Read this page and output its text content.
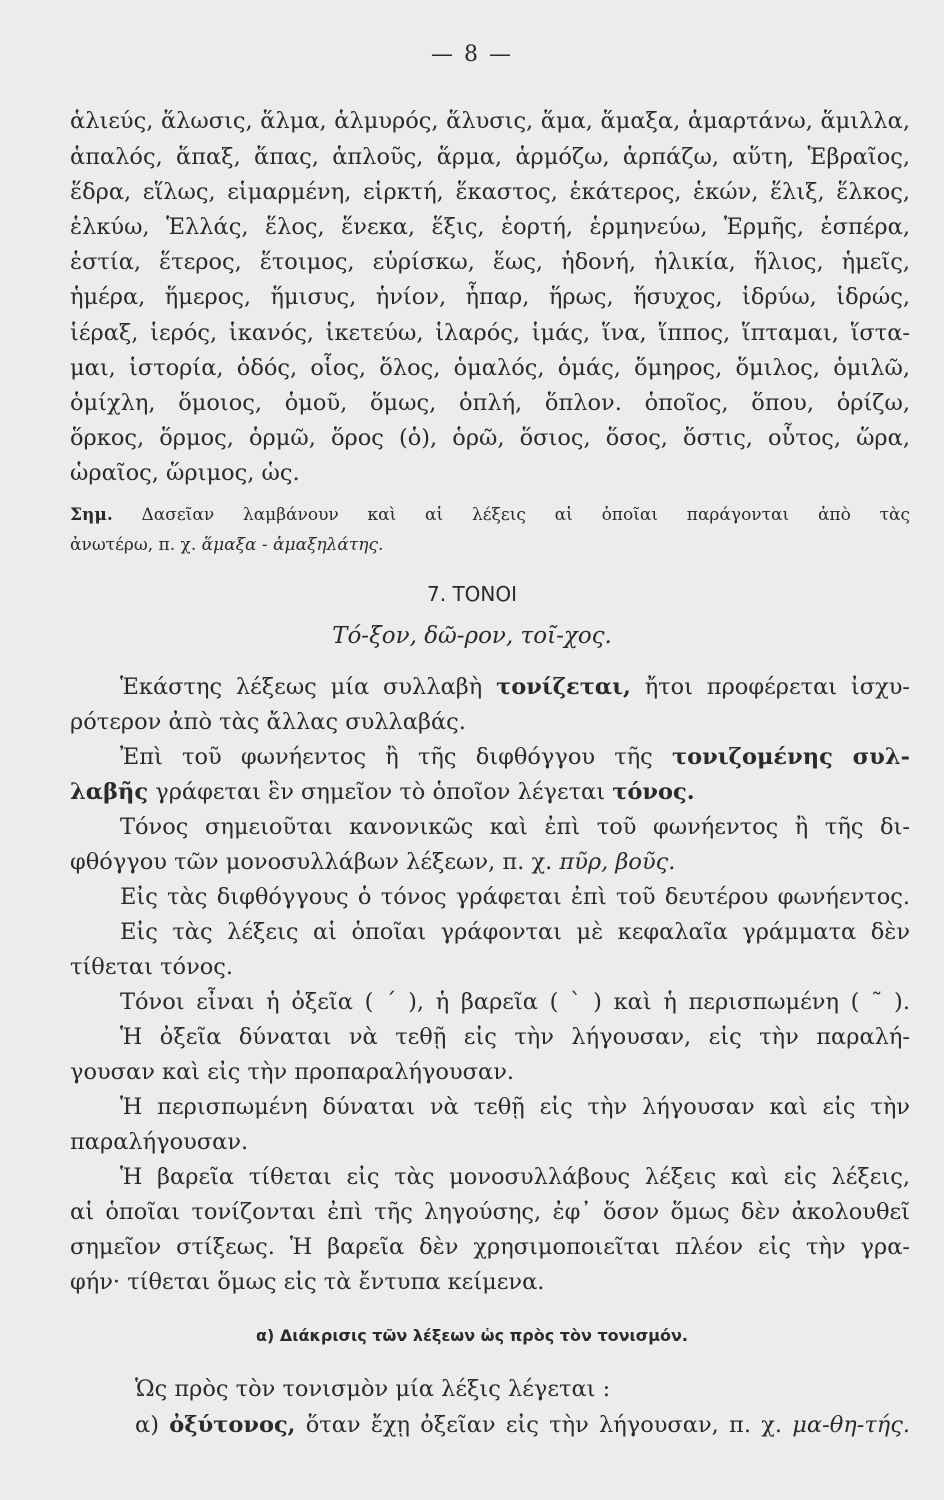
— 8 —
ἁλιεύς, ἅλωσις, ἅλμα, ἁλμυρός, ἅλυσις, ἅμα, ἅμαξα, ἁμαρτάνω, ἅμιλλα,
ἁπαλός, ἅπαξ, ἅπας, ἁπλοῦς, ἅρμα, ἁρμόζω, ἁρπάζω, αὕτη, Ἑβραῖος,
ἕδρα, εἵλως, εἱμαρμένη, εἱρκτή, ἕκαστος, ἑκάτερος, ἑκών, ἕλιξ, ἕλκος,
ἑλκύω, Ἑλλάς, ἕλος, ἕνεκα, ἕξις, ἑορτή, ἑρμηνεύω, Ἑρμῆς, ἑσπέρα,
ἑστία, ἕτερος, ἕτοιμος, εὑρίσκω, ἕως, ἡδονή, ἡλικία, ἥλιος, ἡμεῖς,
ἡμέρα, ἥμερος, ἥμισυς, ἡνίον, ἧπαρ, ἥρως, ἥσυχος, ἱδρύω, ἱδρώς,
ἱέραξ, ἱερός, ἱκανός, ἱκετεύω, ἱλαρός, ἱμάς, ἵνα, ἵππος, ἵπταμαι, ἵστα-
μαι, ἱστορία, ὁδός, οἷος, ὅλος, ὁμαλός, ὁμάς, ὅμηρος, ὅμιλος, ὁμιλῶ,
ὁμίχλη, ὅμοιος, ὁμοῦ, ὅμως, ὁπλή, ὅπλον. ὁποῖος, ὅπου, ὁρίζω,
ὅρκος, ὅρμος, ὁρμῶ, ὅρος (ὁ), ὁρῶ, ὅσιος, ὅσος, ὅστις, οὗτος, ὥρα,
ὡραῖος, ὥριμος, ὡς.
Σημ. Δασεῖαν λαμβάνουν καὶ αἱ λέξεις αἱ ὁποῖαι παράγονται ἀπὸ τὰς
ἀνωτέρω, π. χ. ἅμαξα - ἁμαξηλάτης.
7. ΤΟΝΟΙ
Τό-ξον, δῶ-ρον, τοῖ-χος.
Ἑκάστης λέξεως μία συλλαβὴ τονίζεται, ἤτοι προφέρεται ἰσχυ-
ρότερον ἀπὸ τὰς ἄλλας συλλαβάς.
Ἐπὶ τοῦ φωνήεντος ἢ τῆς διφθόγγου τῆς τονιζομένης συλ-
λαβῆς γράφεται ἓν σημεῖον τὸ ὁποῖον λέγεται τόνος.
Τόνος σημειοῦται κανονικῶς καὶ ἐπὶ τοῦ φωνήεντος ἢ τῆς δι-
φθόγγου τῶν μονοσυλλάβων λέξεων, π. χ. πῦρ, βοῦς.
Εἰς τὰς διφθόγγους ὁ τόνος γράφεται ἐπὶ τοῦ δευτέρου φωνήεντος.
Εἰς τὰς λέξεις αἱ ὁποῖαι γράφονται μὲ κεφαλαῖα γράμματα δὲν
τίθεται τόνος.
Τόνοι εἶναι ἡ ὀξεῖα ( ΄ ), ἡ βαρεῖα ( ` ) καὶ ἡ περισπωμένη ( ῀ ).
Ἡ ὀξεῖα δύναται νὰ τεθῇ εἰς τὴν λήγουσαν, εἰς τὴν παραλή-
γουσαν καὶ εἰς τὴν προπαραλήγουσαν.
Ἡ περισπωμένη δύναται νὰ τεθῇ εἰς τὴν λήγουσαν καὶ εἰς τὴν
παραλήγουσαν.
Ἡ βαρεῖα τίθεται εἰς τὰς μονοσυλλάβους λέξεις καὶ εἰς λέξεις,
αἱ ὁποῖαι τονίζονται ἐπὶ τῆς ληγούσης, ἐφ᾽ ὅσον ὅμως δὲν ἀκολουθεῖ
σημεῖον στίξεως. Ἡ βαρεῖα δὲν χρησιμοποιεῖται πλέον εἰς τὴν γρα-
φήν· τίθεται ὅμως εἰς τὰ ἔντυπα κείμενα.
α) Διάκρισις τῶν λέξεων ὡς πρὸς τὸν τονισμόν.
Ὡς πρὸς τὸν τονισμὸν μία λέξις λέγεται :
α) ὀξύτονος, ὅταν ἔχῃ ὀξεῖαν εἰς τὴν λήγουσαν, π. χ. μα-θη-τής.
